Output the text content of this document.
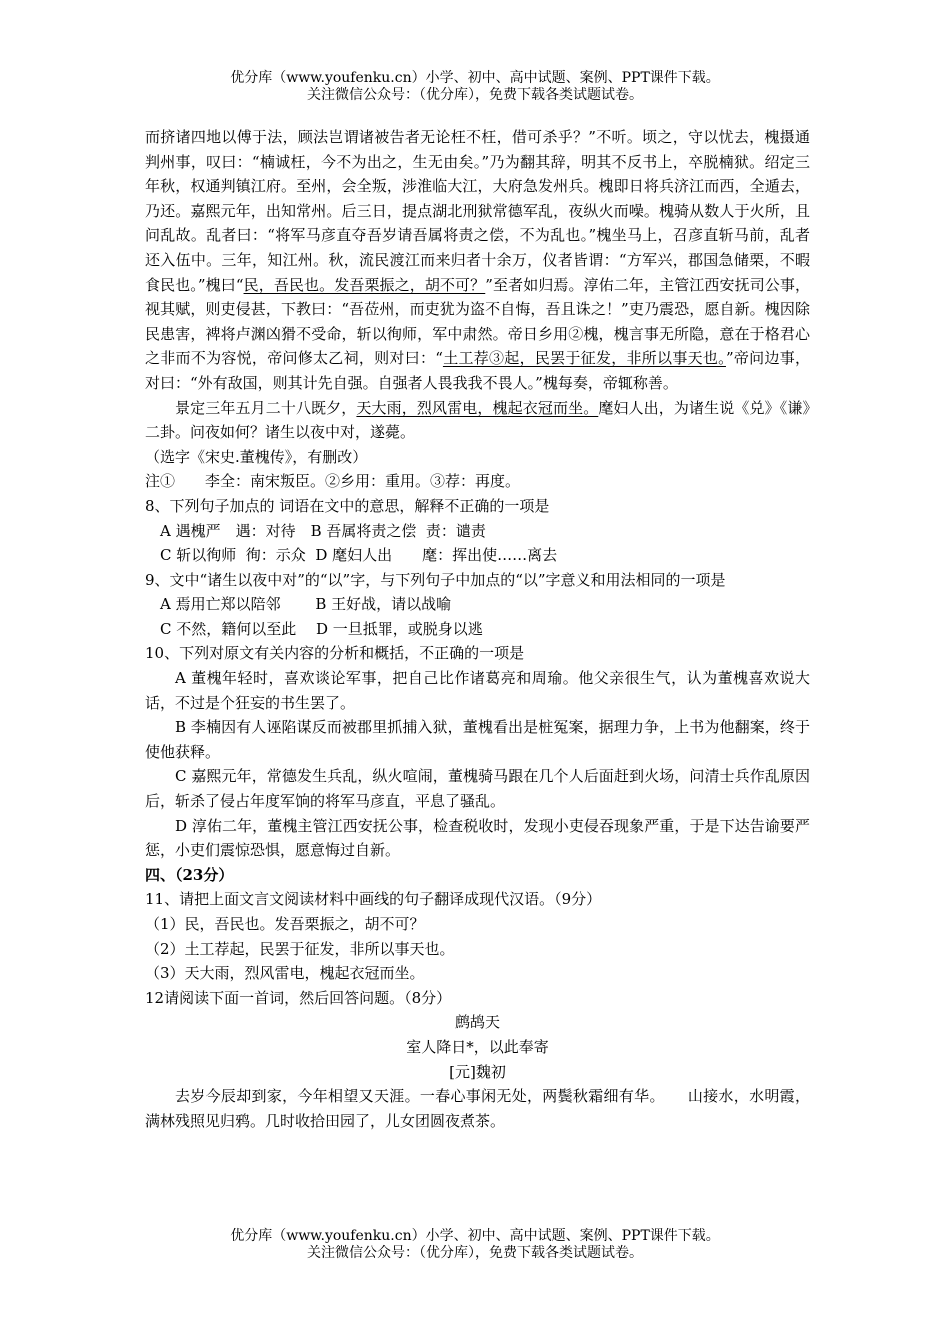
优分库（www.youfenku.cn）小学、初中、高中试题、案例、PPT课件下载。
关注微信公众号：（优分库），免费下载各类试题试卷。

而挤诸四地以傅于法，顾法岂谓诸被告者无论枉不枉，借可杀乎？”不听。顷之，守以忧去，槐摄通判州事，叹曰：“楠诚枉，今不为出之，生无由矣。”乃为翻其辞，明其不反书上，卒脱楠狱。绍定三年秋，权通判镇江府。至州，会全叛，涉淮临大江，大府急发州兵。槐即日将兵济江而西，全遁去，乃还。嘉熙元年，出知常州。后三日，提点湖北刑狱常德军乱，夜纵火而噪。槐骑从数人于火所，且问乱故。乱者曰：“将军马彦直夺吾岁请吾属将责之偿，不为乱也。”槐坐马上，召彦直斩马前，乱者还入伍中。三年，知江州。秋，流民渡江而来归者十余万，仪者皆谓：“方军兴，郡国急储栗，不暇食民也。”槐曰“民，吾民也。发吾栗振之，胡不可？”至者如归焉。淳佑二年，主管江西安抚司公事，视其赋，则吏侵甚，下教曰：“吾莅州，而吏犹为盗不自悔，吾且诛之！”吏乃震恐，愿自新。槐因除民患害，裨将卢渊凶猾不受命，斩以徇师，军中肃然。帝日乡用②槐，槐言事无所隐，意在于格君心之非而不为容悦，帝问修太乙祠，则对曰：“土工荐③起，民罢于征发，非所以事天也。”帝问边事，对曰：“外有敌国，则其计先自强。自强者人畏我我不畏人。”槐每奏，帝辄称善。

景定三年五月二十八既夕，天大雨，烈风雷电，槐起衣冠而坐。麾妇人出，为诸生说《兑》《谦》二卦。问夜如何？诸生以夜中对，遂薨。

（选字《宋史.董槐传》，有删改）

注①　　李全：南宋叛臣。②乡用：重用。③荐：再度。

8、下列句子加点的 词语在文中的意思，解释不正确的一项是

A 遇槐严　遇：对待　B 吾属将责之偿  责：谴责

C 斩以徇师  徇：示众  D 麾妇人出　　麾：挥出使……离去

9、文中“诸生以夜中对”的“以”字，与下列句子中加点的“以”字意义和用法相同的一项是

A 焉用亡郑以陪邻　　 B 王好战，请以战喻

C 不然，籍何以至此　 D 一旦抵罪，或脱身以逃

10、下列对原文有关内容的分析和概括，不正确的一项是

A 董槐年轻时，喜欢谈论军事，把自己比作诸葛亮和周瑜。他父亲很生气，认为董槐喜欢说大话，不过是个狂妄的书生罢了。

B 李楠因有人诬陷谋反而被郡里抓捕入狱，董槐看出是桩冤案，据理力争，上书为他翻案，终于使他获释。

C 嘉熙元年，常德发生兵乱，纵火喧闹，董槐骑马跟在几个人后面赶到火场，问清士兵作乱原因后，斩杀了侵占年度军饷的将军马彦直，平息了骚乱。

D 淳佑二年，董槐主管江西安抚公事，检查税收时，发现小吏侵吞现象严重，于是下达告谕要严惩，小吏们震惊恐惧，愿意悔过自新。

四、（23分）

11、请把上面文言文阅读材料中画线的句子翻译成现代汉语。（9分）

（1）民，吾民也。发吾栗振之，胡不可？

（2）土工荐起，民罢于征发，非所以事天也。

（3）天大雨，烈风雷电，槐起衣冠而坐。

12请阅读下面一首词，然后回答问题。（8分）

鹧鸪天

室人降日*，以此奉寄

[元]魏初

去岁今辰却到家，今年相望又天涯。一春心事闲无处，两鬓秋霜细有华。　　山接水，水明霞，满林残照见归鸦。几时收拾田园了，儿女团圆夜煮茶。

优分库（www.youfenku.cn）小学、初中、高中试题、案例、PPT课件下载。
关注微信公众号：（优分库），免费下载各类试题试卷。
